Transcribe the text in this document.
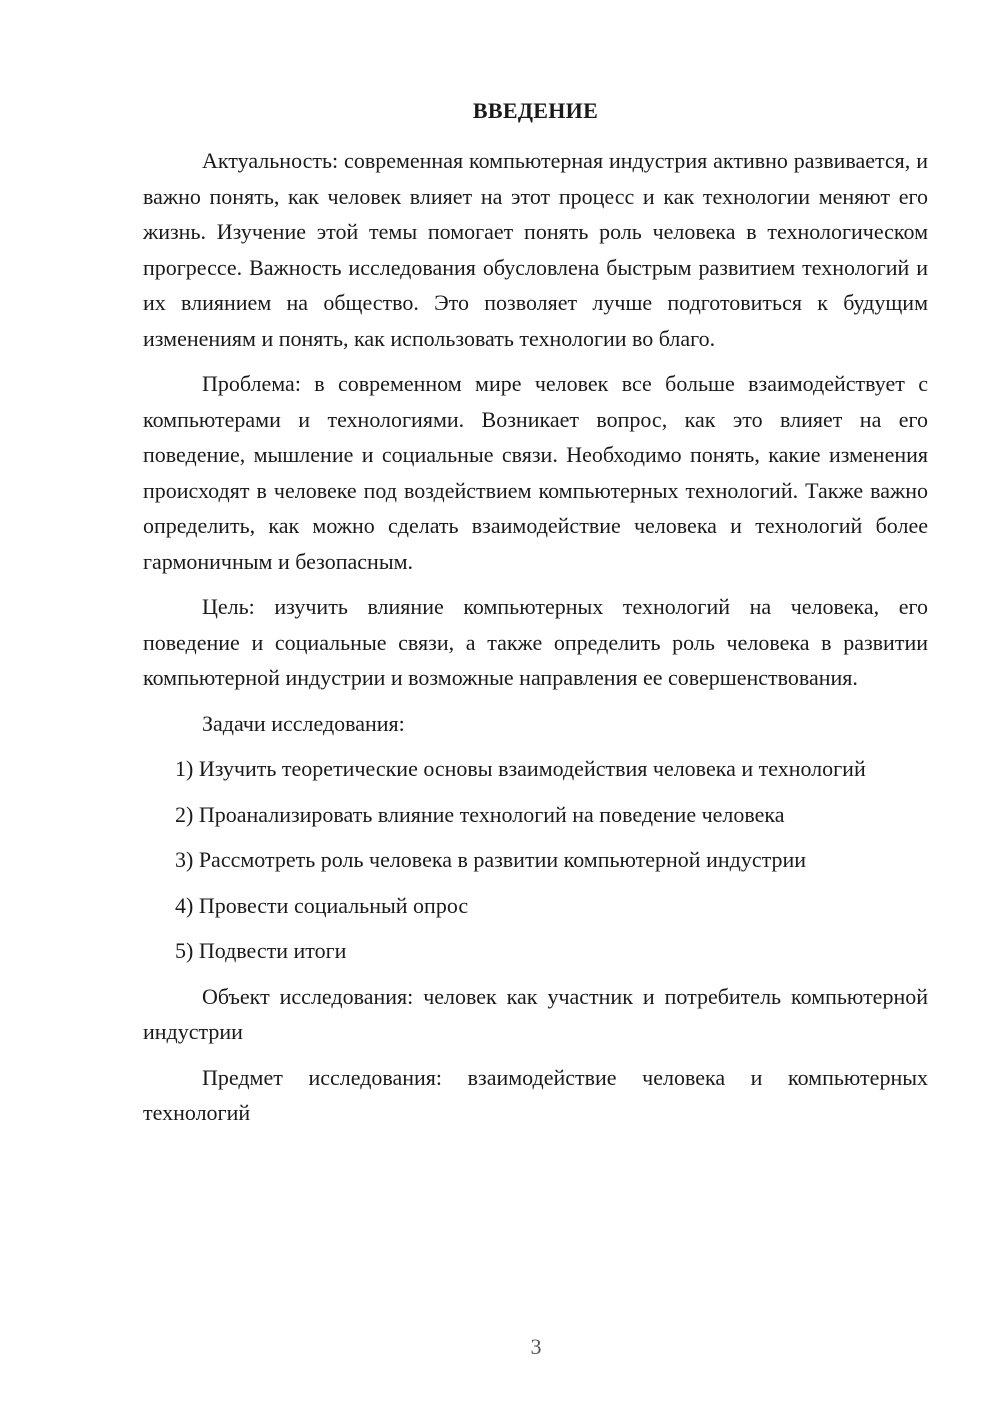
ВВЕДЕНИЕ

Актуальность: современная компьютерная индустрия активно развивается, и важно понять, как человек влияет на этот процесс и как технологии меняют его жизнь. Изучение этой темы помогает понять роль человека в технологическом прогрессе. Важность исследования обусловлена быстрым развитием технологий и их влиянием на общество. Это позволяет лучше подготовиться к будущим изменениям и понять, как использовать технологии во благо.

Проблема: в современном мире человек все больше взаимодействует с компьютерами и технологиями. Возникает вопрос, как это влияет на его поведение, мышление и социальные связи. Необходимо понять, какие изменения происходят в человеке под воздействием компьютерных технологий. Также важно определить, как можно сделать взаимодействие человека и технологий более гармоничным и безопасным.

Цель: изучить влияние компьютерных технологий на человека, его поведение и социальные связи, а также определить роль человека в развитии компьютерной индустрии и возможные направления ее совершенствования.

Задачи исследования:

1) Изучить теоретические основы взаимодействия человека и технологий

2) Проанализировать влияние технологий на поведение человека

3) Рассмотреть роль человека в развитии компьютерной индустрии

4) Провести социальный опрос

5) Подвести итоги

Объект исследования: человек как участник и потребитель компьютерной индустрии

Предмет исследования: взаимодействие человека и компьютерных технологий

3
